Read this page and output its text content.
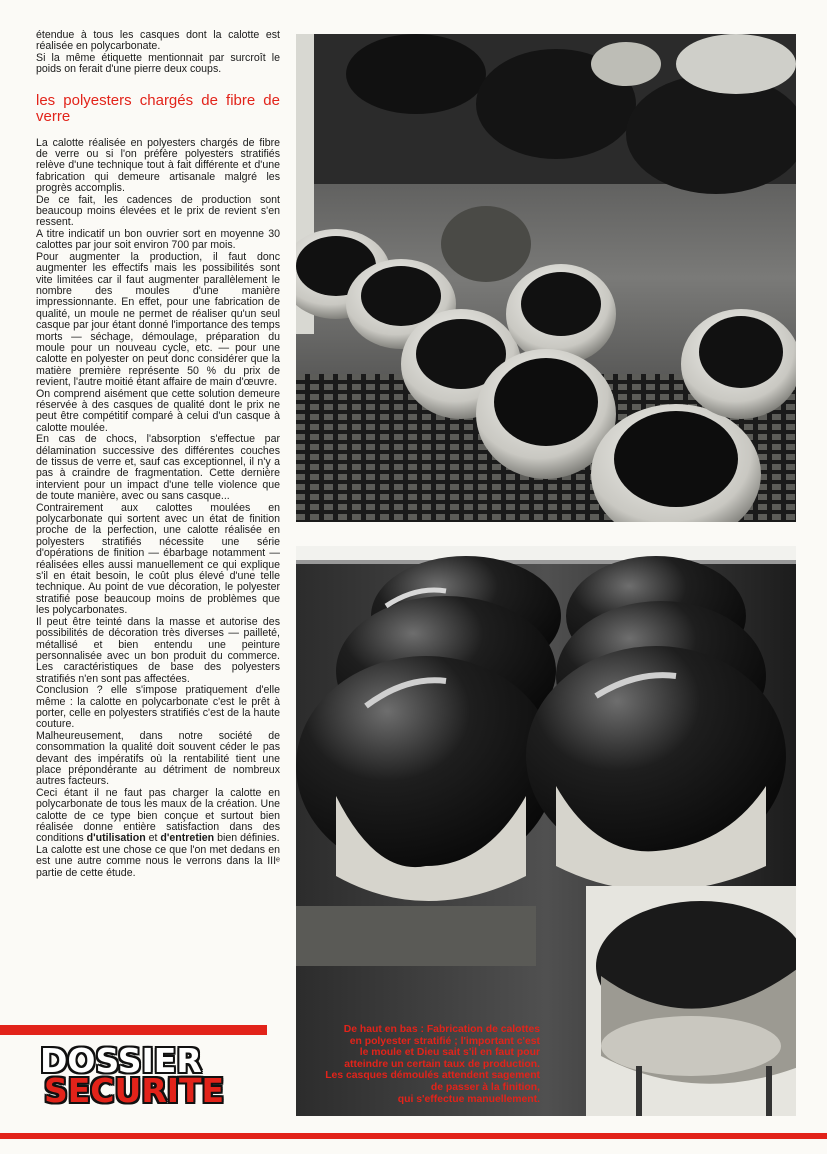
étendue à tous les casques dont la calotte est réalisée en polycarbonate.

Si la même étiquette mentionnait par surcroît le poids on ferait d'une pierre deux coups.

les polyesters chargés de fibre de verre

La calotte réalisée en polyesters chargés de fibre de verre ou si l'on préfère polyesters stratifiés relève d'une technique tout à fait différente et d'une fabrication qui demeure artisanale malgré les progrès accomplis.

De ce fait, les cadences de production sont beaucoup moins élevées et le prix de revient s'en ressent.

A titre indicatif un bon ouvrier sort en moyenne 30 calottes par jour soit environ 700 par mois.

Pour augmenter la production, il faut donc augmenter les effectifs mais les possibilités sont vite limitées car il faut augmenter parallèlement le nombre des moules d'une manière impressionnante. En effet, pour une fabrication de qualité, un moule ne permet de réaliser qu'un seul casque par jour étant donné l'importance des temps morts — séchage, démoulage, préparation du moule pour un nouveau cycle, etc. — pour une calotte en polyester on peut donc considérer que la matière première représente 50 % du prix de revient, l'autre moitié étant affaire de main d'œuvre.

On comprend aisément que cette solution demeure réservée à des casques de qualité dont le prix ne peut être compétitif comparé à celui d'un casque à calotte moulée.

En cas de chocs, l'absorption s'effectue par délamination successive des différentes couches de tissus de verre et, sauf cas exceptionnel, il n'y a pas à craindre de fragmentation. Cette dernière intervient pour un impact d'une telle violence que de toute manière, avec ou sans casque...

Contrairement aux calottes moulées en polycarbonate qui sortent avec un état de finition proche de la perfection, une calotte réalisée en polyesters stratifiés nécessite une série d'opérations de finition — ébarbage notamment — réalisées elles aussi manuellement ce qui explique s'il en était besoin, le coût plus élevé d'une telle technique. Au point de vue décoration, le polyester stratifié pose beaucoup moins de problèmes que les polycarbonates.

Il peut être teinté dans la masse et autorise des possibilités de décoration très diverses — pailleté, métallisé et bien entendu une peinture personnalisée avec un bon produit du commerce. Les caractéristiques de base des polyesters stratifiés n'en sont pas affectées.

Conclusion ? elle s'impose pratiquement d'elle même : la calotte en polycarbonate c'est le prêt à porter, celle en polyesters stratifiés c'est de la haute couture.

Malheureusement, dans notre société de consommation la qualité doit souvent céder le pas devant des impératifs où la rentabilité tient une place prépondérante au détriment de nombreux autres facteurs.

Ceci étant il ne faut pas charger la calotte en polycarbonate de tous les maux de la création. Une calotte de ce type bien conçue et surtout bien réalisée donne entière satisfaction dans des conditions d'utilisation et d'entretien bien définies.

La calotte est une chose ce que l'on met dedans en est une autre comme nous le verrons dans la IIIᵉ partie de cette étude.

De haut en bas : Fabrication de calottes
en polyester stratifié ; l'important c'est
le moule et Dieu sait s'il en faut pour
atteindre un certain taux de production.
Les casques démoulés attendent sagement
de passer à la finition,
qui s'effectue manuellement.
DOSSIER
SECURITE
